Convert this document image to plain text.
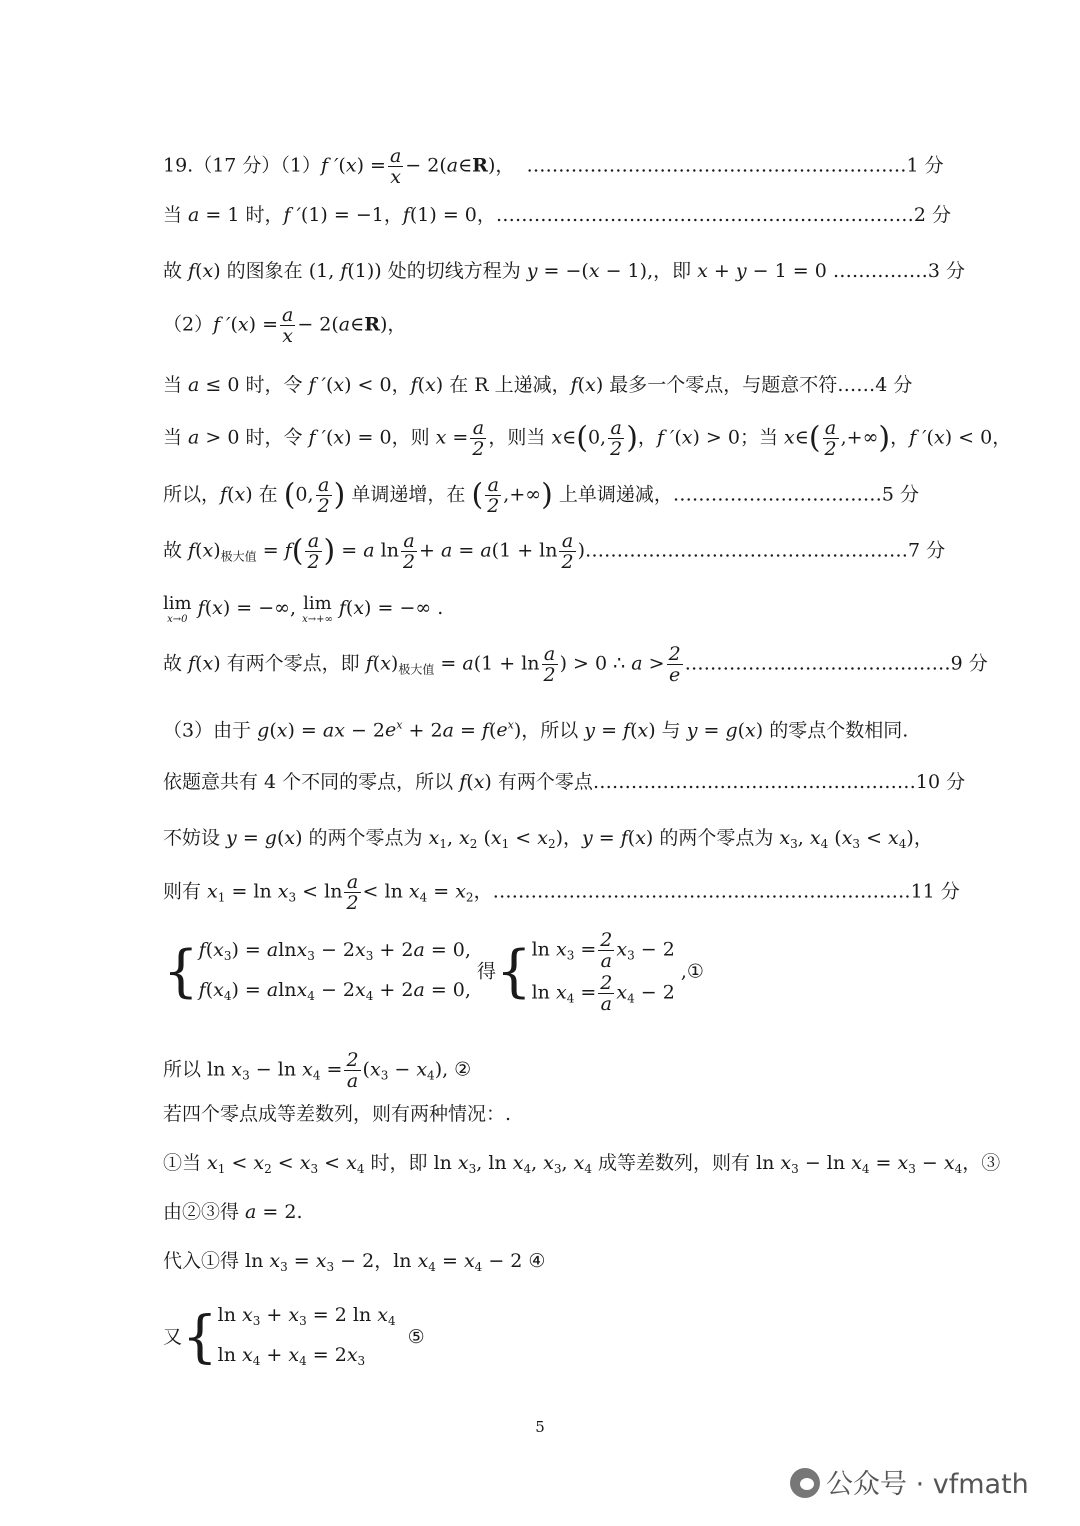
19.（17 分）（1）f $'(x) = \frac{a}{x}$ − 2(a∈R)，  ……………………………………………………1 分
当 a = 1 时，f ′(1) = −1，f(1) = 0，…………………………………………………………2 分
故 f(x) 的图象在 (1, f(1)) 处的切线方程为 y = −(x − 1),，即 x + y − 1 = 0 ……………3 分
（2）f $'(x) = \frac{a}{x}$ − 2(a∈R)，
当 a ≤ 0 时，令 f ′(x) < 0，f(x) 在 R 上递减，f(x) 最多一个零点，与题意不符……4 分
当 a > 0 时，令 f ′(x) = 0，则 $x = \frac{a}{2}$ ，则当 x∈(0, $\frac{a}{2}$ )，f ′(x) > 0；当 x∈( $\frac{a}{2}$ ,+∞)，f ′(x) < 0，
所以，f(x) 在 (0, $\frac{a}{2}$ ) 单调递增，在 ( $\frac{a}{2}$ ,+∞) 上单调递减，……………………………5 分
故 $f(x)_{极大值} = f( \frac{a}{2}$ ) = a $\ln \frac{a}{2} + a = a(1 + \ln \frac{a}{2}$ )……………………………………………7 分
lim
x→0
f(x) = −∞, lim
x→+∞
f(x) = −∞ .
故 f(x) 有两个零点，即 $f(x)_{极大值} = a(1 + \ln \frac{a}{2}$ ) > 0 ∴ $a > \frac{2}{e}$ ……………………………………9 分
（3）由于 g(x) = ax − $2e^x + 2a = f(e^x)$，所以 y = f(x) 与 y = g(x) 的零点个数相同.
依题意共有 4 个不同的零点，所以 f(x) 有两个零点……………………………………………10 分
不妨设 y = g(x) 的两个零点为 $x_1$, $x_2$ $(x_1 < x_2)$，y = f(x) 的两个零点为 $x_3$, $x_4$ $(x_3 < x_4)$，
则有 $x_1 = \ln x_3 < \ln \frac{a}{2} < \ln x_4 = x_2$，…………………………………………………………11 分
{ $f(x_3) = alnx_3 - 2x_3 + 2a = 0$,
$f(x_4) = alnx_4 - 2x_4 + 2a = 0$,
得{ $\ln x_3 = \frac{2}{a} x_3 - 2$
$\ln x_4 = \frac{2}{a} x_4 - 2$
,①
所以 $\ln x_3 - \ln x_4 = \frac{2}{a} (x_3 - x_4)$, ②
若四个零点成等差数列，则有两种情况：.
①当 $x_1 < x_2 < x_3 < x_4$ 时，即 $\ln x_3$, $\ln x_4$, $x_3$, $x_4$ 成等差数列，则有 $\ln x_3 - \ln x_4 = x_3 - x_4$，③
由②③得 a = 2.
代入①得 $\ln x_3 = x_3 - 2$，$\ln x_4 = x_4 - 2$ ④
又{ $\ln x_3 + x_3 = 2$ $\ln x_4$
$\ln x_4 + x_4 = 2x_3$
⑤
5
公众号 · vfmath
